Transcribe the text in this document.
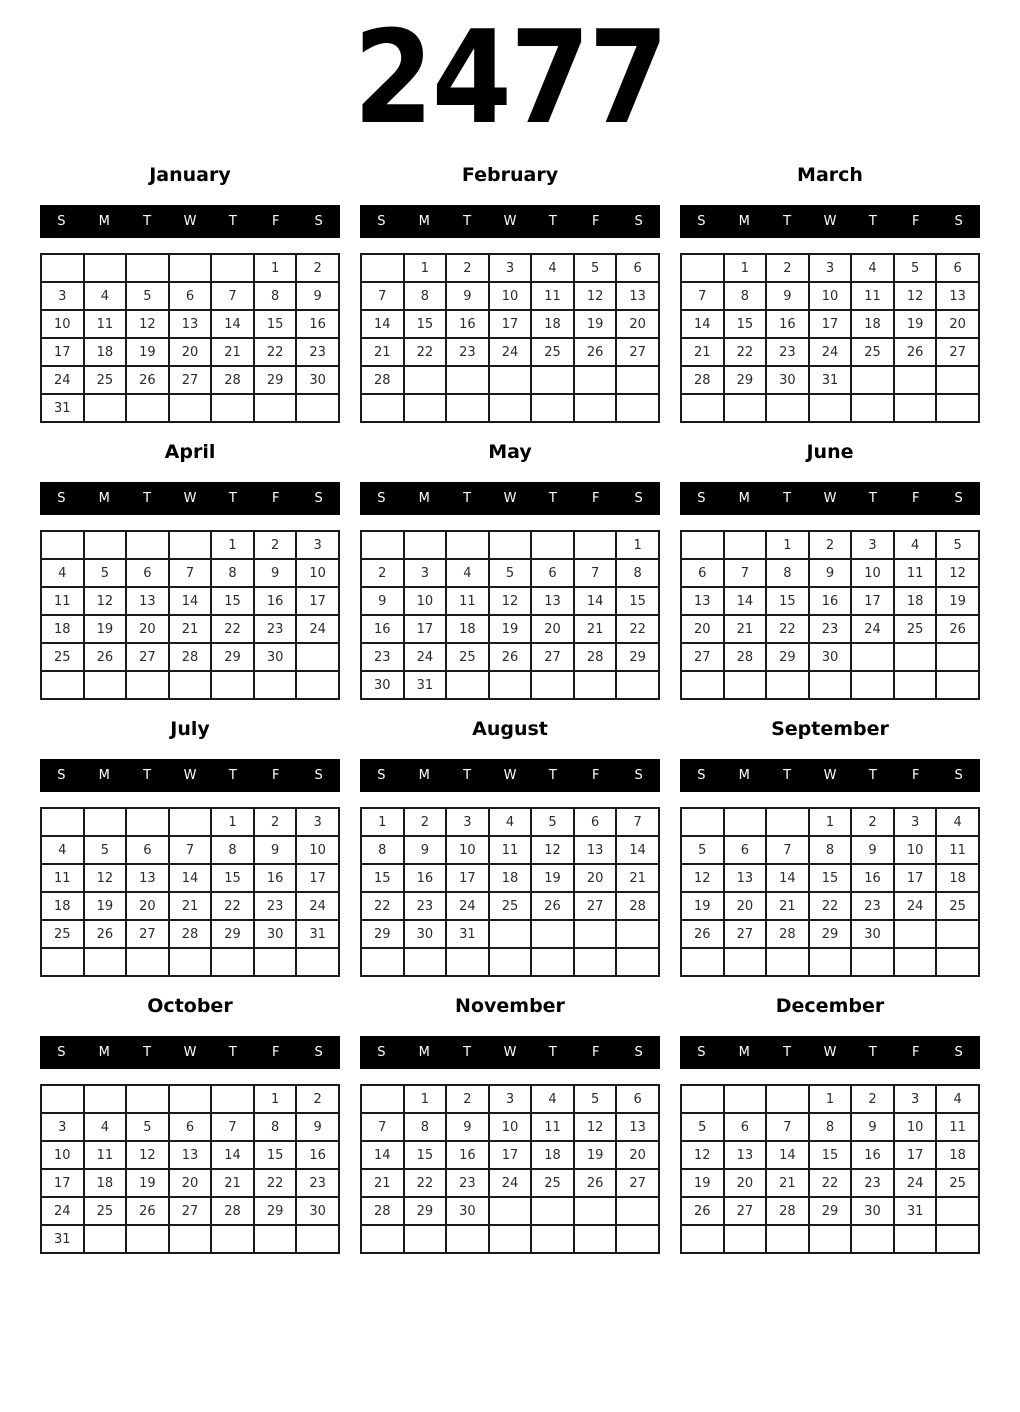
2477
January
S	M	T	W	T	F	S
					1	2
3	4	5	6	7	8	9
10	11	12	13	14	15	16
17	18	19	20	21	22	23
24	25	26	27	28	29	30
31						
February
S	M	T	W	T	F	S
	1	2	3	4	5	6
7	8	9	10	11	12	13
14	15	16	17	18	19	20
21	22	23	24	25	26	27
28						

March
S	M	T	W	T	F	S
	1	2	3	4	5	6
7	8	9	10	11	12	13
14	15	16	17	18	19	20
21	22	23	24	25	26	27
28	29	30	31			

April
S	M	T	W	T	F	S
				1	2	3
4	5	6	7	8	9	10
11	12	13	14	15	16	17
18	19	20	21	22	23	24
25	26	27	28	29	30	

May
S	M	T	W	T	F	S
						1
2	3	4	5	6	7	8
9	10	11	12	13	14	15
16	17	18	19	20	21	22
23	24	25	26	27	28	29
30	31					
June
S	M	T	W	T	F	S
		1	2	3	4	5
6	7	8	9	10	11	12
13	14	15	16	17	18	19
20	21	22	23	24	25	26
27	28	29	30			

July
S	M	T	W	T	F	S
				1	2	3
4	5	6	7	8	9	10
11	12	13	14	15	16	17
18	19	20	21	22	23	24
25	26	27	28	29	30	31

August
S	M	T	W	T	F	S
1	2	3	4	5	6	7
8	9	10	11	12	13	14
15	16	17	18	19	20	21
22	23	24	25	26	27	28
29	30	31				

September
S	M	T	W	T	F	S
			1	2	3	4
5	6	7	8	9	10	11
12	13	14	15	16	17	18
19	20	21	22	23	24	25
26	27	28	29	30		

October
S	M	T	W	T	F	S
					1	2
3	4	5	6	7	8	9
10	11	12	13	14	15	16
17	18	19	20	21	22	23
24	25	26	27	28	29	30
31						
November
S	M	T	W	T	F	S
	1	2	3	4	5	6
7	8	9	10	11	12	13
14	15	16	17	18	19	20
21	22	23	24	25	26	27
28	29	30				

December
S	M	T	W	T	F	S
			1	2	3	4
5	6	7	8	9	10	11
12	13	14	15	16	17	18
19	20	21	22	23	24	25
26	27	28	29	30	31	
